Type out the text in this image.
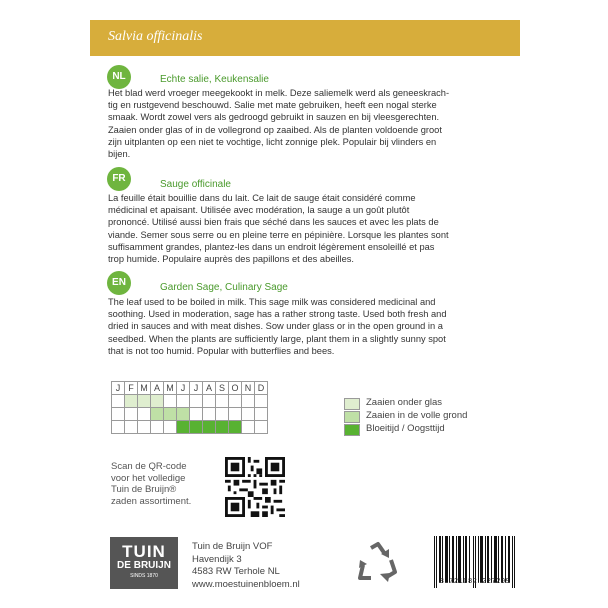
Salvia officinalis
NL	Echte salie, Keukensalie
Het blad werd vroeger meegekookt in melk. Deze saliemelk werd als geneeskrach-
tig en rustgevend beschouwd. Salie met mate gebruiken, heeft een nogal sterke
smaak. Wordt zowel vers als gedroogd gebruikt in sauzen en bij vleesgerechten.
Zaaien onder glas of in de vollegrond op zaaibed. Als de planten voldoende groot
zijn uitplanten op een niet te vochtige, licht zonnige plek. Populair bij vlinders en
bijen.
FR
Sauge officinale
La feuille était bouillie dans du lait. Ce lait de sauge était considéré comme
médicinal et apaisant. Utilisée avec modération, la sauge a un goût plutôt
prononcé. Utilisé aussi bien frais que séché dans les sauces et avec les plats de
viande. Semer sous serre ou en pleine terre en pépinière. Lorsque les plantes sont
suffisamment grandes, plantez-les dans un endroit légèrement ensoleillé et pas
trop humide. Populaire auprès des papillons et des abeilles.
EN	Garden Sage, Culinary Sage
The leaf used to be boiled in milk. This sage milk was considered medicinal and
soothing. Used in moderation, sage has a rather strong taste. Used both fresh and
dried in sauces and with meat dishes. Sow under glass or in the open ground in a
seedbed. When the plants are sufficiently large, plant them in a slightly sunny spot
that is not too humid. Popular with butterflies and bees.
J	F	M	A	M	J	J	A	S	O	N	D

Zaaien onder glas
Zaaien in de volle grond
Bloeitijd / Oogsttijd
Scan de QR-code
voor het volledige
Tuin de Bruijn®
zaden assortiment.
TUIN
DE BRUIJN
SINDS 1870
Tuin de Bruijn VOF
Havendijk 3
4583 RW Terhole NL
www.moestuinenbloem.nl	8 721082 227209
